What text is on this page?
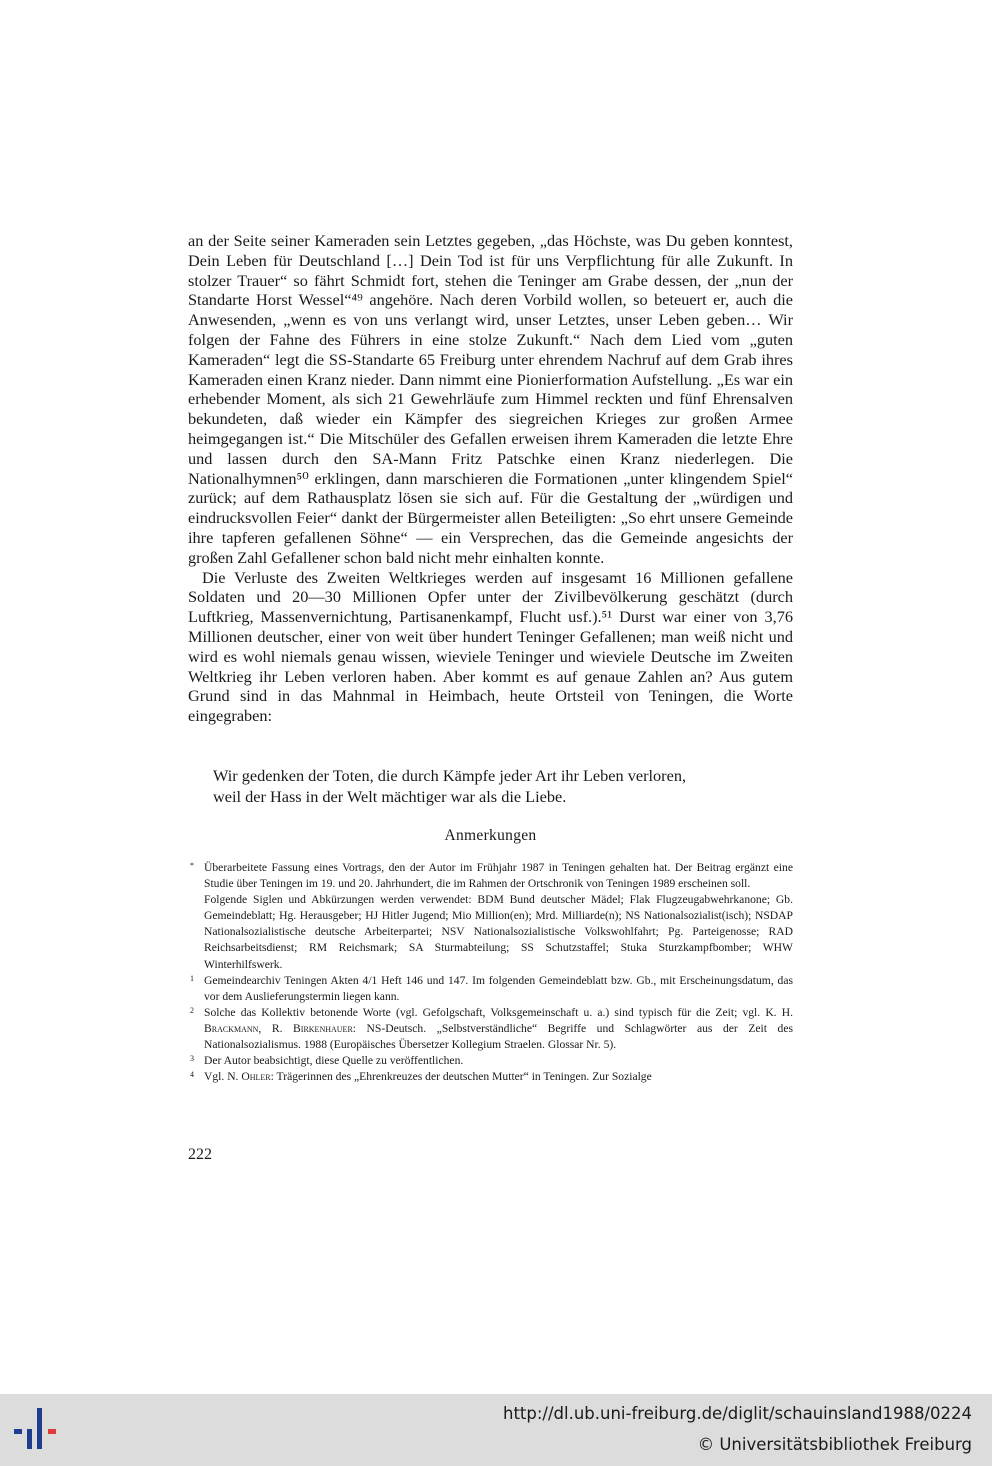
an der Seite seiner Kameraden sein Letztes gegeben, „das Höchste, was Du geben konntest, Dein Leben für Deutschland […] Dein Tod ist für uns Verpflichtung für alle Zukunft. In stolzer Trauer“ so fährt Schmidt fort, stehen die Teninger am Grabe dessen, der „nun der Standarte Horst Wessel“⁴⁹ angehöre. Nach deren Vorbild wollen, so beteuert er, auch die Anwesenden, „wenn es von uns verlangt wird, unser Letztes, unser Leben geben… Wir folgen der Fahne des Führers in eine stolze Zukunft.“ Nach dem Lied vom „guten Kameraden“ legt die SS-Standarte 65 Freiburg unter ehrendem Nachruf auf dem Grab ihres Kameraden einen Kranz nieder. Dann nimmt eine Pionierformation Aufstellung. „Es war ein erhebender Moment, als sich 21 Gewehrläufe zum Himmel reckten und fünf Ehrensalven bekundeten, daß wieder ein Kämpfer des siegreichen Krieges zur großen Armee heimgegangen ist.“ Die Mitschüler des Gefallen erweisen ihrem Kameraden die letzte Ehre und lassen durch den SA-Mann Fritz Patschke einen Kranz niederlegen. Die Nationalhymnen⁵⁰ erklingen, dann marschieren die Formationen „unter klingendem Spiel“ zurück; auf dem Rathausplatz lösen sie sich auf. Für die Gestaltung der „würdigen und eindrucksvollen Feier“ dankt der Bürgermeister allen Beteiligten: „So ehrt unsere Gemeinde ihre tapferen gefallenen Söhne“ — ein Versprechen, das die Gemeinde angesichts der großen Zahl Gefallener schon bald nicht mehr einhalten konnte.

Die Verluste des Zweiten Weltkrieges werden auf insgesamt 16 Millionen gefallene Soldaten und 20—30 Millionen Opfer unter der Zivilbevölkerung geschätzt (durch Luftkrieg, Massenvernichtung, Partisanenkampf, Flucht usf.).⁵¹ Durst war einer von 3,76 Millionen deutscher, einer von weit über hundert Teninger Gefallenen; man weiß nicht und wird es wohl niemals genau wissen, wieviele Teninger und wieviele Deutsche im Zweiten Weltkrieg ihr Leben verloren haben. Aber kommt es auf genaue Zahlen an? Aus gutem Grund sind in das Mahnmal in Heimbach, heute Ortsteil von Teningen, die Worte eingegraben:

Wir gedenken der Toten, die durch Kämpfe jeder Art ihr Leben verloren,
weil der Hass in der Welt mächtiger war als die Liebe.
Anmerkungen
* Überarbeitete Fassung eines Vortrags, den der Autor im Frühjahr 1987 in Teningen gehalten hat. Der Beitrag ergänzt eine Studie über Teningen im 19. und 20. Jahrhundert, die im Rahmen der Ortschronik von Teningen 1989 erscheinen soll.
Folgende Siglen und Abkürzungen werden verwendet: BDM Bund deutscher Mädel; Flak Flugzeugabwehrkanone; Gb. Gemeindeblatt; Hg. Herausgeber; HJ Hitler Jugend; Mio Million(en); Mrd. Milliarde(n); NS Nationalsozialist(isch); NSDAP Nationalsozialistische deutsche Arbeiterpartei; NSV Nationalsozialistische Volkswohlfahrt; Pg. Parteigenosse; RAD Reichsarbeitsdienst; RM Reichsmark; SA Sturmabteilung; SS Schutzstaffel; Stuka Sturzkampfbomber; WHW Winterhilfswerk.
1 Gemeindearchiv Teningen Akten 4/1 Heft 146 und 147. Im folgenden Gemeindeblatt bzw. Gb., mit Erscheinungsdatum, das vor dem Auslieferungstermin liegen kann.
2 Solche das Kollektiv betonende Worte (vgl. Gefolgschaft, Volksgemeinschaft u. a.) sind typisch für die Zeit; vgl. K. H. Brackmann, R. Birkenhauer: NS-Deutsch. „Selbstverständliche“ Begriffe und Schlagwörter aus der Zeit des Nationalsozialismus. 1988 (Europäisches Übersetzer Kollegium Straelen. Glossar Nr. 5).
3 Der Autor beabsichtigt, diese Quelle zu veröffentlichen.
4 Vgl. N. Ohler: Trägerinnen des „Ehrenkreuzes der deutschen Mutter“ in Teningen. Zur Sozialge
222
http://dl.ub.uni-freiburg.de/diglit/schauinsland1988/0224
© Universitätsbibliothek Freiburg
